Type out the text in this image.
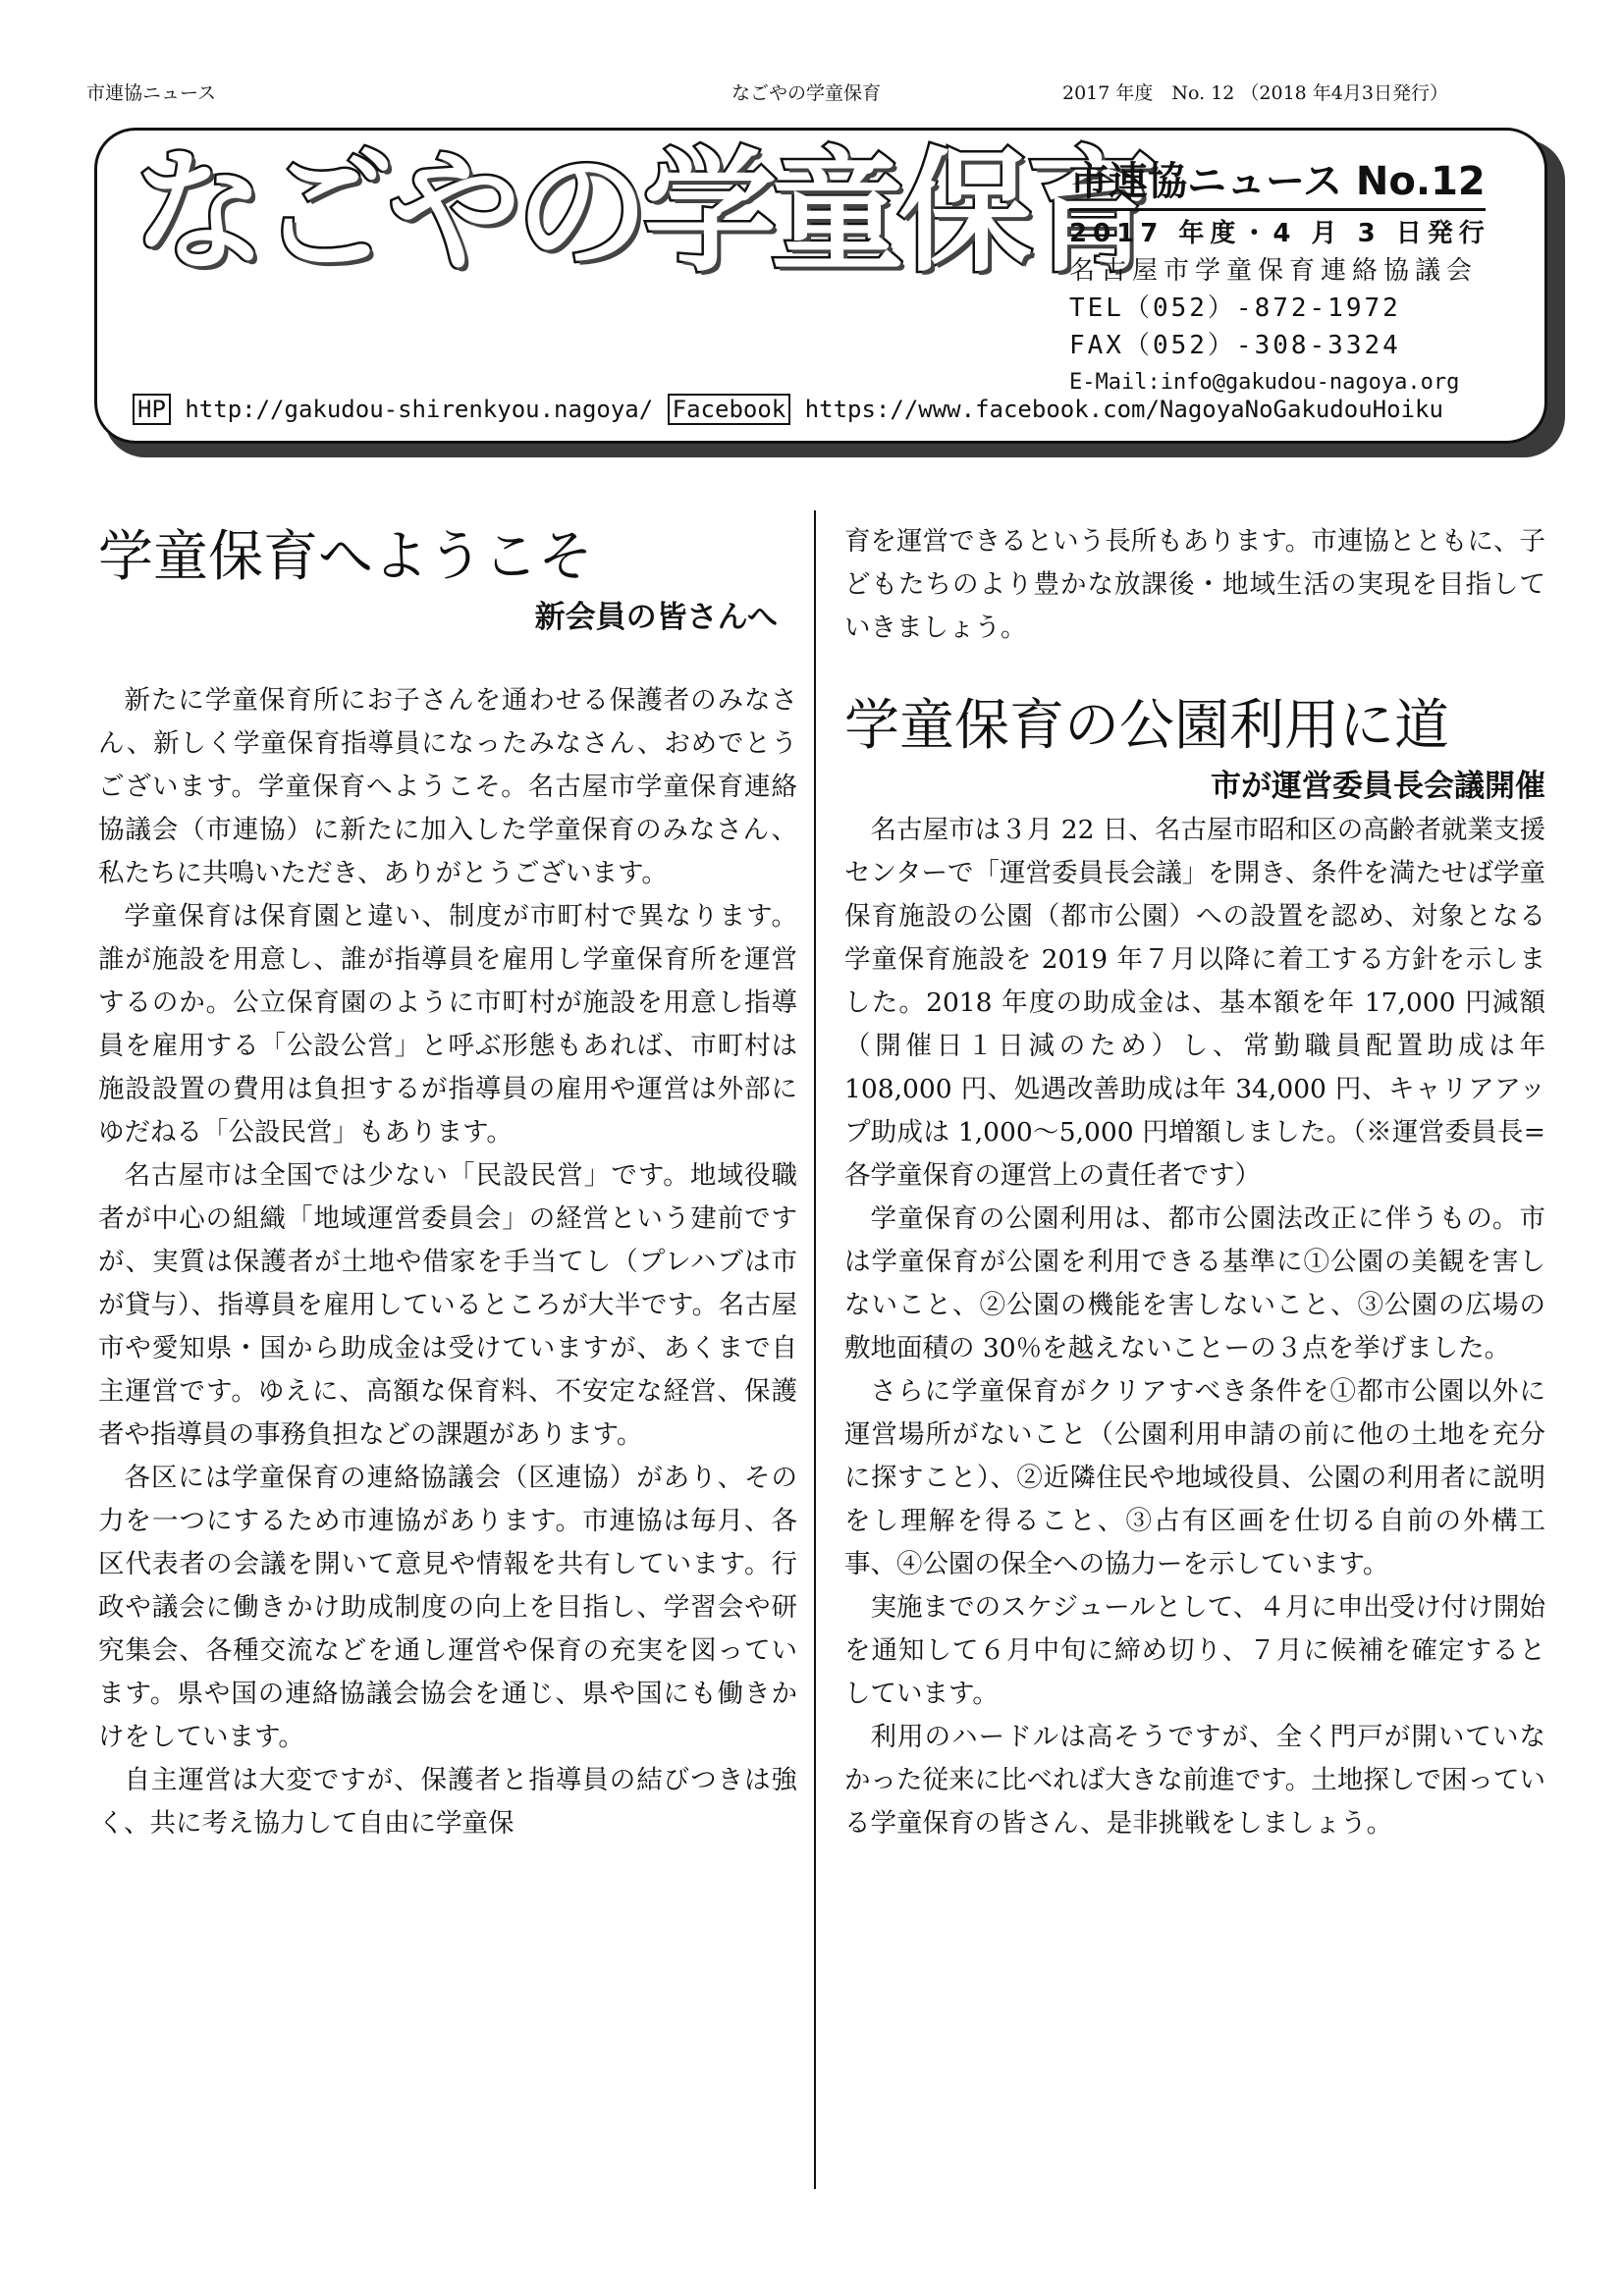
市連協ニュース	なごやの学童保育	2017 年度　No. 12 （2018 年4月3日発行）
なごやの学童保育
市連協ニュース No.12
2017 年度・4 月 3 日発行
名古屋市学童保育連絡協議会
TEL（052）-872-1972
FAX（052）-308-3324
E-Mail:info@gakudou-nagoya.org
HP http://gakudou-shirenkyou.nagoya/ Facebook https://www.facebook.com/NagoyaNoGakudouHoiku
学童保育へようこそ
新会員の皆さんへ

新たに学童保育所にお子さんを通わせる保護者のみなさん、新しく学童保育指導員になったみなさん、おめでとうございます。学童保育へようこそ。名古屋市学童保育連絡協議会（市連協）に新たに加入した学童保育のみなさん、私たちに共鳴いただき、ありがとうございます。

学童保育は保育園と違い、制度が市町村で異なります。誰が施設を用意し、誰が指導員を雇用し学童保育所を運営するのか。公立保育園のように市町村が施設を用意し指導員を雇用する「公設公営」と呼ぶ形態もあれば、市町村は施設設置の費用は負担するが指導員の雇用や運営は外部にゆだねる「公設民営」もあります。

名古屋市は全国では少ない「民設民営」です。地域役職者が中心の組織「地域運営委員会」の経営という建前ですが、実質は保護者が土地や借家を手当てし（プレハブは市が貸与）、指導員を雇用しているところが大半です。名古屋市や愛知県・国から助成金は受けていますが、あくまで自主運営です。ゆえに、高額な保育料、不安定な経営、保護者や指導員の事務負担などの課題があります。

各区には学童保育の連絡協議会（区連協）があり、その力を一つにするため市連協があります。市連協は毎月、各区代表者の会議を開いて意見や情報を共有しています。行政や議会に働きかけ助成制度の向上を目指し、学習会や研究集会、各種交流などを通し運営や保育の充実を図っています。県や国の連絡協議会協会を通じ、県や国にも働きかけをしています。

自主運営は大変ですが、保護者と指導員の結びつきは強く、共に考え協力して自由に学童保

育を運営できるという長所もあります。市連協とともに、子どもたちのより豊かな放課後・地域生活の実現を目指していきましょう。

学童保育の公園利用に道
市が運営委員長会議開催

名古屋市は３月 22 日、名古屋市昭和区の高齢者就業支援センターで「運営委員長会議」を開き、条件を満たせば学童保育施設の公園（都市公園）への設置を認め、対象となる学童保育施設を 2019 年７月以降に着工する方針を示しました。2018 年度の助成金は、基本額を年 17,000 円減額（開催日１日減のため）し、常勤職員配置助成は年 108,000 円、処遇改善助成は年 34,000 円、キャリアアップ助成は 1,000〜5,000 円増額しました。（※運営委員長=各学童保育の運営上の責任者です）

学童保育の公園利用は、都市公園法改正に伴うもの。市は学童保育が公園を利用できる基準に①公園の美観を害しないこと、②公園の機能を害しないこと、③公園の広場の敷地面積の 30％を越えないことーの３点を挙げました。

さらに学童保育がクリアすべき条件を①都市公園以外に運営場所がないこと（公園利用申請の前に他の土地を充分に探すこと）、②近隣住民や地域役員、公園の利用者に説明をし理解を得ること、③占有区画を仕切る自前の外構工事、④公園の保全への協力ーを示しています。

実施までのスケジュールとして、４月に申出受け付け開始を通知して６月中旬に締め切り、７月に候補を確定するとしています。

利用のハードルは高そうですが、全く門戸が開いていなかった従来に比べれば大きな前進です。土地探しで困っている学童保育の皆さん、是非挑戦をしましょう。
